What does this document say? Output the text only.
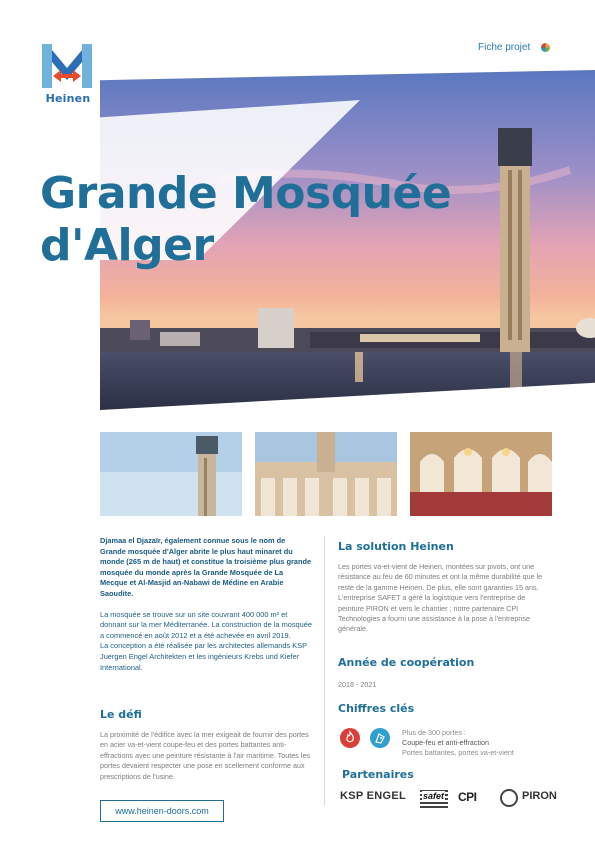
Heinen
Fiche projet
Grande Mosquée
d'Alger

Djamaa el Djazaïr, également connue sous le nom de Grande mosquée d'Alger abrite le plus haut minaret du monde (265 m de haut) et constitue la troisième plus grande mosquée du monde après la Grande Mosquée de La Mecque et Al-Masjid an-Nabawi de Médine en Arabie Saoudite.

La mosquée se trouve sur un site couvrant 400 000 m² et donnant sur la mer Méditerranée. La construction de la mosquée a commencé en août 2012 et a été achevée en avril 2019.
La conception a été réalisée par les architectes allemands KSP Juergen Engel Architekten et les ingénieurs Krebs und Kiefer International.

Le défi

La proximité de l'édifice avec la mer exigeait de fournir des portes en acier va-et-vient coupe-feu et des portes battantes anti-effractions avec une peinture résistante à l'air maritime. Toutes les portes devaient respecter une pose en scellement conforme aux prescriptions de l'usine.

www.heinen-doors.com
La solution Heinen

Les portes va-et-vient de Heinen, montées sur pivots, ont une résistance au feu de 60 minutes et ont la même durabilité que le reste de la gamme Heinen. De plus, elle sont garanties 15 ans. L'entreprise SAFET a géré la logistique vers l'entreprise de peinture PIRON et vers le chantier ; notre partenaire CPI Technologies a fourni une assistance à la pose à l'entreprise générale.

Année de coopération
2018 - 2021
Chiffres clés
Plus de 300 portes :
Coupe-feu et anti-effraction
Portes battantes, portes va-et-vient
Partenaires
KSP ENGEL safet CPI	PIRON
